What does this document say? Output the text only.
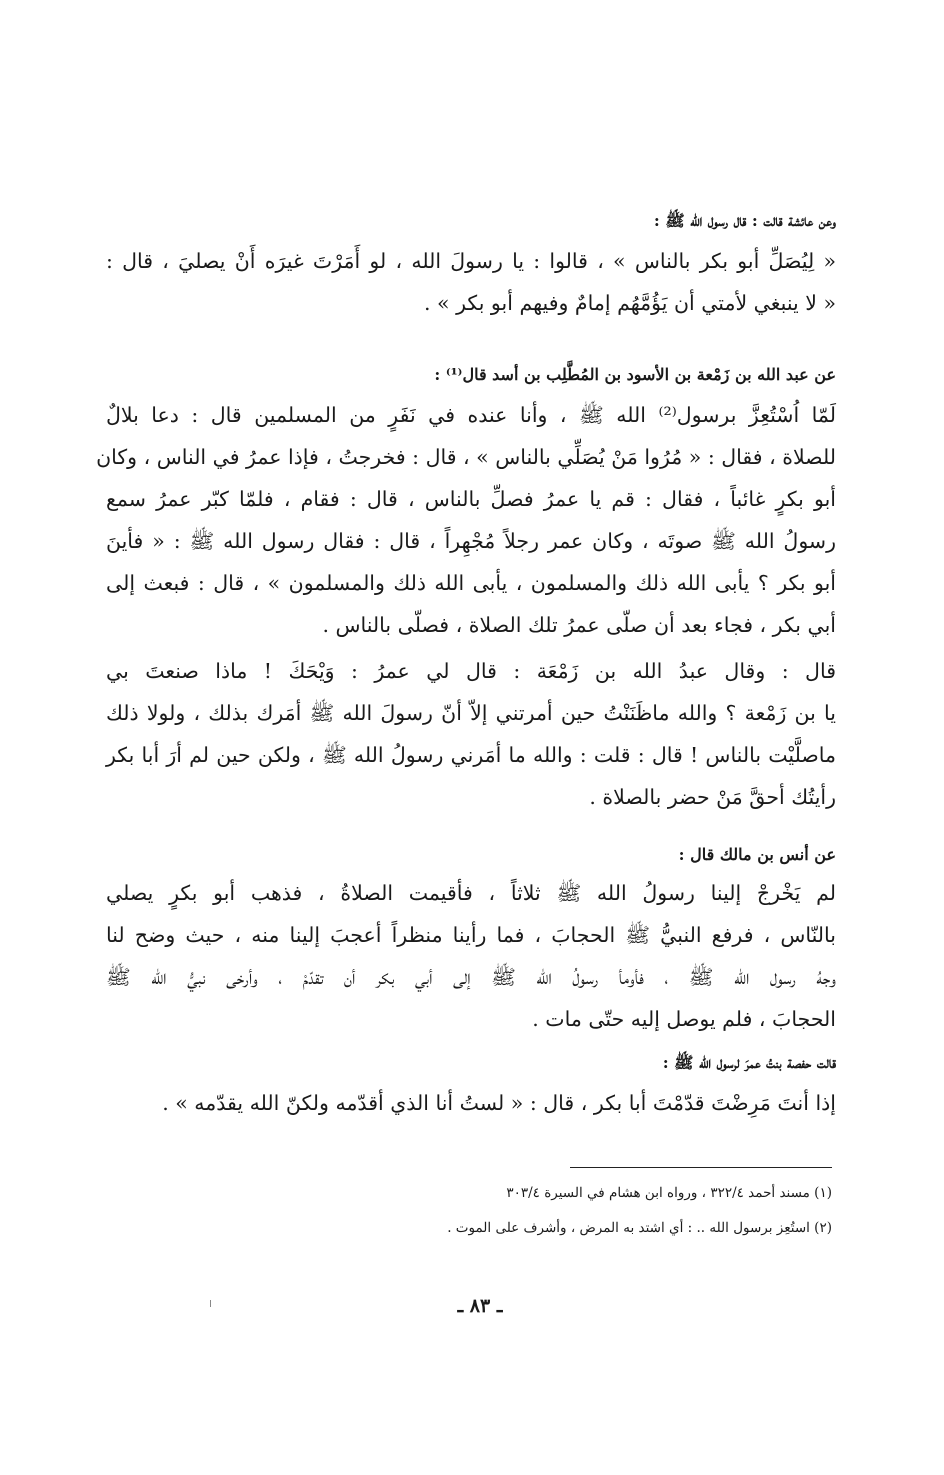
وعن عائشة قالت : قال رسول الله ﷺ :
« لِيُصَلِّ أبو بكر بالناس » ، قالوا : يا رسولَ الله ، لو أَمَرْتَ غيرَه أَنْ يصليَ ، قال :
« لا ينبغي لأمتي أن يَؤُمَّهُم إمامٌ وفيهم أبو بكر » .
عن عبد الله بن زَمْعة بن الأسود بن المُطَّلِب بن أسد قال⁽¹⁾ :
لَمّا اُسْتُعِزَّ برسول⁽²⁾ الله ﷺ ، وأنا عنده في نَفَرٍ من المسلمين قال : دعا بلالٌ
للصلاة ، فقال : « مُرُوا مَنْ يُصَلِّي بالناس » ، قال : فخرجتُ ، فإذا عمرُ في الناس ، وكان
أبو بكرٍ غائباً ، فقال : قم يا عمرُ فصلِّ بالناس ، قال : فقام ، فلمّا كبّر عمرُ سمع
رسولُ الله ﷺ صوتَه ، وكان عمر رجلاً مُجْهِراً ، قال : فقال رسول الله ﷺ : « فأينَ
أبو بكر ؟ يأبى الله ذلك والمسلمون ، يأبى الله ذلك والمسلمون » ، قال : فبعث إلى
أبي بكر ، فجاء بعد أن صلّى عمرُ تلك الصلاة ، فصلّى بالناس .
قال : وقال عبدُ الله بن زَمْعَة : قال لي عمرُ : وَيْحَكَ ! ماذا صنعتَ بي
يا بن زَمْعة ؟ والله ماظَنَنْتُ حين أمرتني إلاّ أنّ رسولَ الله ﷺ أمَرك بذلك ، ولولا ذلك
ماصلَّيْت بالناس ! قال : قلت : والله ما أمَرني رسولُ الله ﷺ ، ولكن حين لم أرَ أبا بكر
رأيتُك أحقَّ مَنْ حضر بالصلاة .
عن أنس بن مالك قال :
لم يَخْرجْ إلينا رسولُ الله ﷺ ثلاثاً ، فأقيمت الصلاةُ ، فذهب أبو بكرٍ يصلي
بالنّاس ، فرفع النبيُّ ﷺ الحجابَ ، فما رأينا منظراً أعجبَ إلينا منه ، حيث وضح لنا
وجهُ رسول الله ﷺ ، فأومأ رسولُ الله ﷺ إلى أبي بكر أن تقدّمْ ، وأرخى نبيُّ الله ﷺ
الحجابَ ، فلم يوصل إليه حتّى مات .
قالت حفصة بنتُ عمرَ لرسول الله ﷺ :
إذا أنتَ مَرِضْتَ قدّمْتَ أبا بكر ، قال : « لستُ أنا الذي أقدّمه ولكنّ الله يقدّمه » .
(١) مسند أحمد ٣٢٢/٤ ، ورواه ابن هشام في السيرة ٣٠٣/٤
(٢) استُعِز برسول الله .. : أي اشتد به المرض ، وأشرف على الموت .
ـ ٨٣ ـ
